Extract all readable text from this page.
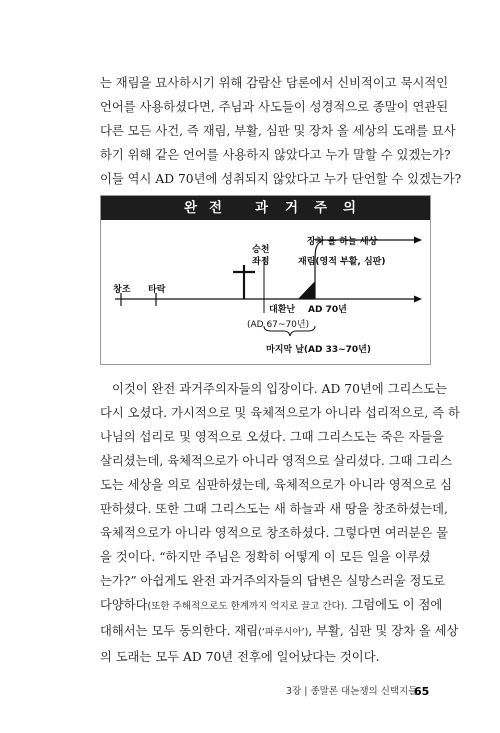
는 재림을 묘사하시기 위해 감람산 담론에서 신비적이고 묵시적인
언어를 사용하셨다면, 주님과 사도들이 성경적으로 종말이 연관된
다른 모든 사건, 즉 재림, 부활, 심판 및 장차 올 세상의 도래를 묘사
하기 위해 같은 언어를 사용하지 않았다고 누가 말할 수 있겠는가?
이들 역시 AD 70년에 성취되지 않았다고 누가 단언할 수 있겠는가?
완 전 과 거 주 의
장차 올 하늘 세상
승천
좌정	재림(영적 부활, 심판)
창조 타락
대환난 AD 70년
(AD 67~70년)
마지막 날(AD 33~70년)
이것이 완전 과거주의자들의 입장이다. AD 70년에 그리스도는
다시 오셨다. 가시적으로 및 육체적으로가 아니라 섭리적으로, 즉 하
나님의 섭리로 및 영적으로 오셨다. 그때 그리스도는 죽은 자들을
살리셨는데, 육체적으로가 아니라 영적으로 살리셨다. 그때 그리스
도는 세상을 의로 심판하셨는데, 육체적으로가 아니라 영적으로 심
판하셨다. 또한 그때 그리스도는 새 하늘과 새 땅을 창조하셨는데,
육체적으로가 아니라 영적으로 창조하셨다. 그렇다면 여러분은 물
을 것이다. “하지만 주님은 정확히 어떻게 이 모든 일을 이루셨
는가?” 아쉽게도 완전 과거주의자들의 답변은 실망스러울 정도로
다양하다(또한 주해적으로도 한계까지 억지로 끌고 간다). 그럼에도 이 점에
대해서는 모두 동의한다. 재림(‘파루시아’), 부활, 심판 및 장차 올 세상
의 도래는 모두 AD 70년 전후에 일어났다는 것이다.
3장 | 종말론 대논쟁의 신택지들
65
